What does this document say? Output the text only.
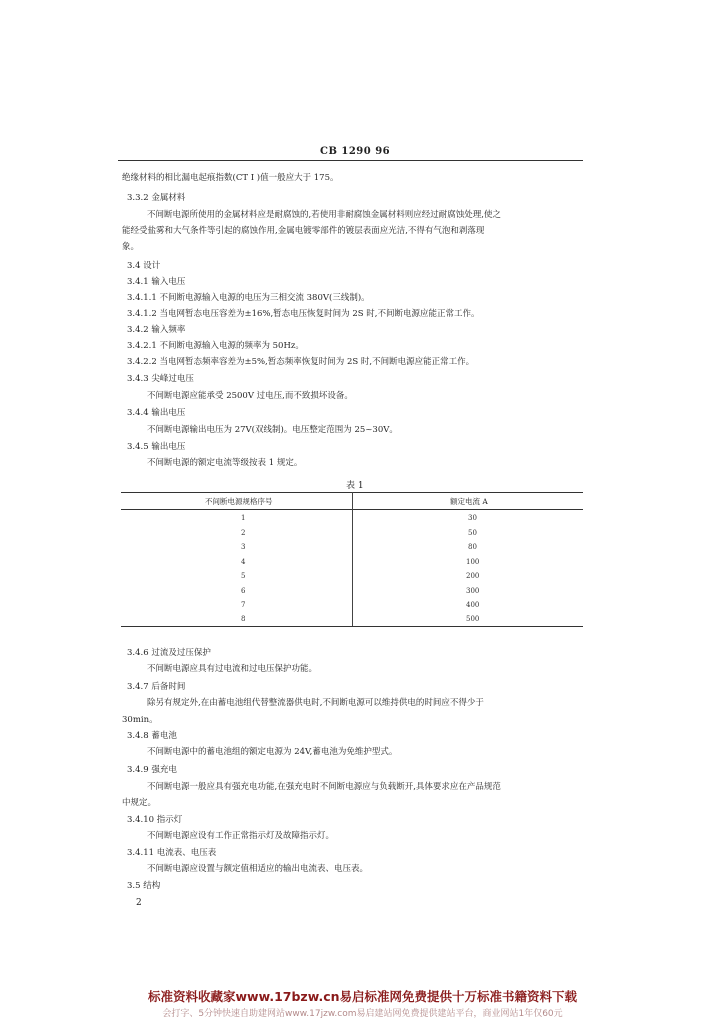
CB 1290 96
绝缘材料的相比漏电起痕指数(CT I )值一般应大于 175。
3.3.2 金属材料
不间断电源所使用的金属材料应是耐腐蚀的,若使用非耐腐蚀金属材料则应经过耐腐蚀处理,使之
能经受盐雾和大气条件等引起的腐蚀作用,金属电镀零部件的镀层表面应光洁,不得有气泡和剥落现
象。
3.4 设计
3.4.1 输入电压
3.4.1.1 不间断电源输入电源的电压为三相交流 380V(三线制)。
3.4.1.2 当电网暂态电压容差为±16%,暂态电压恢复时间为 2S 时,不间断电源应能正常工作。
3.4.2 输入频率
3.4.2.1 不间断电源输入电源的频率为 50Hz。
3.4.2.2 当电网暂态频率容差为±5%,暂态频率恢复时间为 2S 时,不间断电源应能正常工作。
3.4.3 尖峰过电压
不间断电源应能承受 2500V 过电压,而不致损坏设备。
3.4.4 输出电压
不间断电源输出电压为 27V(双线制)。电压整定范围为 25~30V。
3.4.5 输出电压
不间断电源的额定电流等级按表 1 规定。
表 1
不间断电源规格序号	额定电流 A
1	30
2	50
3	80
4	100
5	200
6	300
7	400
8	500
3.4.6 过流及过压保护
不间断电源应具有过电流和过电压保护功能。
3.4.7 后备时间
除另有规定外,在由蓄电池组代替整流器供电时,不间断电源可以维持供电的时间应不得少于
30min。
3.4.8 蓄电池
不间断电源中的蓄电池组的额定电源为 24V,蓄电池为免维护型式。
3.4.9 强充电
不间断电源一般应具有强充电功能,在强充电时不间断电源应与负载断开,具体要求应在产品规范
中规定。
3.4.10 指示灯
不间断电源应设有工作正常指示灯及故障指示灯。
3.4.11 电流表、电压表
不间断电源应设置与额定值相适应的输出电流表、电压表。
3.5 结构
2
标准资料收藏家www.17bzw.cn易启标准网免费提供十万标准书籍资料下载
会打字、5分钟快速自助建网站www.17jzw.com易启建站网免费提供建站平台，商业网站1年仅60元
